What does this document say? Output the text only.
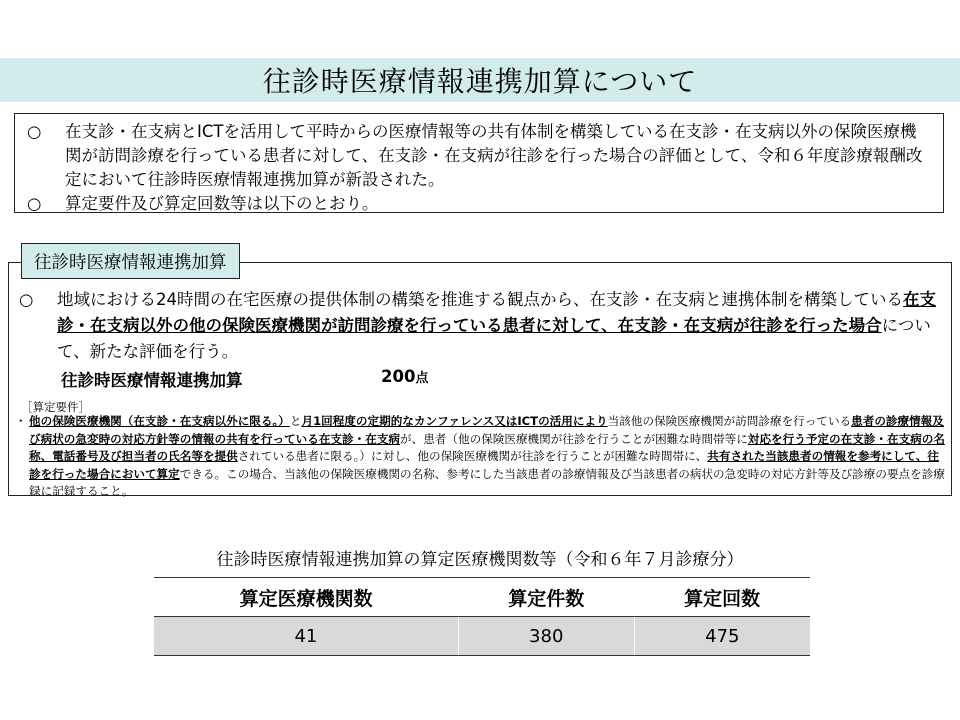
往診時医療情報連携加算について
○	在支診・在支病とICTを活用して平時からの医療情報等の共有体制を構築している在支診・在支病以外の保険医療機関が訪問診療を行っている患者に対して、在支診・在支病が往診を行った場合の評価として、令和６年度診療報酬改定において往診時医療情報連携加算が新設された。
○	算定要件及び算定回数等は以下のとおり。
往診時医療情報連携加算
○	地域における24時間の在宅医療の提供体制の構築を推進する観点から、在支診・在支病と連携体制を構築している在支診・在支病以外の他の保険医療機関が訪問診療を行っている患者に対して、在支診・在支病が往診を行った場合について、新たな評価を行う。
往診時医療情報連携加算	200点
［算定要件］
・ 他の保険医療機関（在支診・在支病以外に限る。）と月1回程度の定期的なカンファレンス又はICTの活用により当該他の保険医療機関が訪問診療を行っている患者の診療情報及び病状の急変時の対応方針等の情報の共有を行っている在支診・在支病が、患者（他の保険医療機関が往診を行うことが困難な時間帯等に対応を行う予定の在支診・在支病の名称、電話番号及び担当者の氏名等を提供されている患者に限る。）に対し、他の保険医療機関が往診を行うことが困難な時間帯に、共有された当該患者の情報を参考にして、往診を行った場合において算定できる。この場合、当該他の保険医療機関の名称、参考にした当該患者の診療情報及び当該患者の病状の急変時の対応方針等及び診療の要点を診療録に記録すること。
往診時医療情報連携加算の算定医療機関数等（令和６年７月診療分）
算定医療機関数	算定件数	算定回数
41	380	475
